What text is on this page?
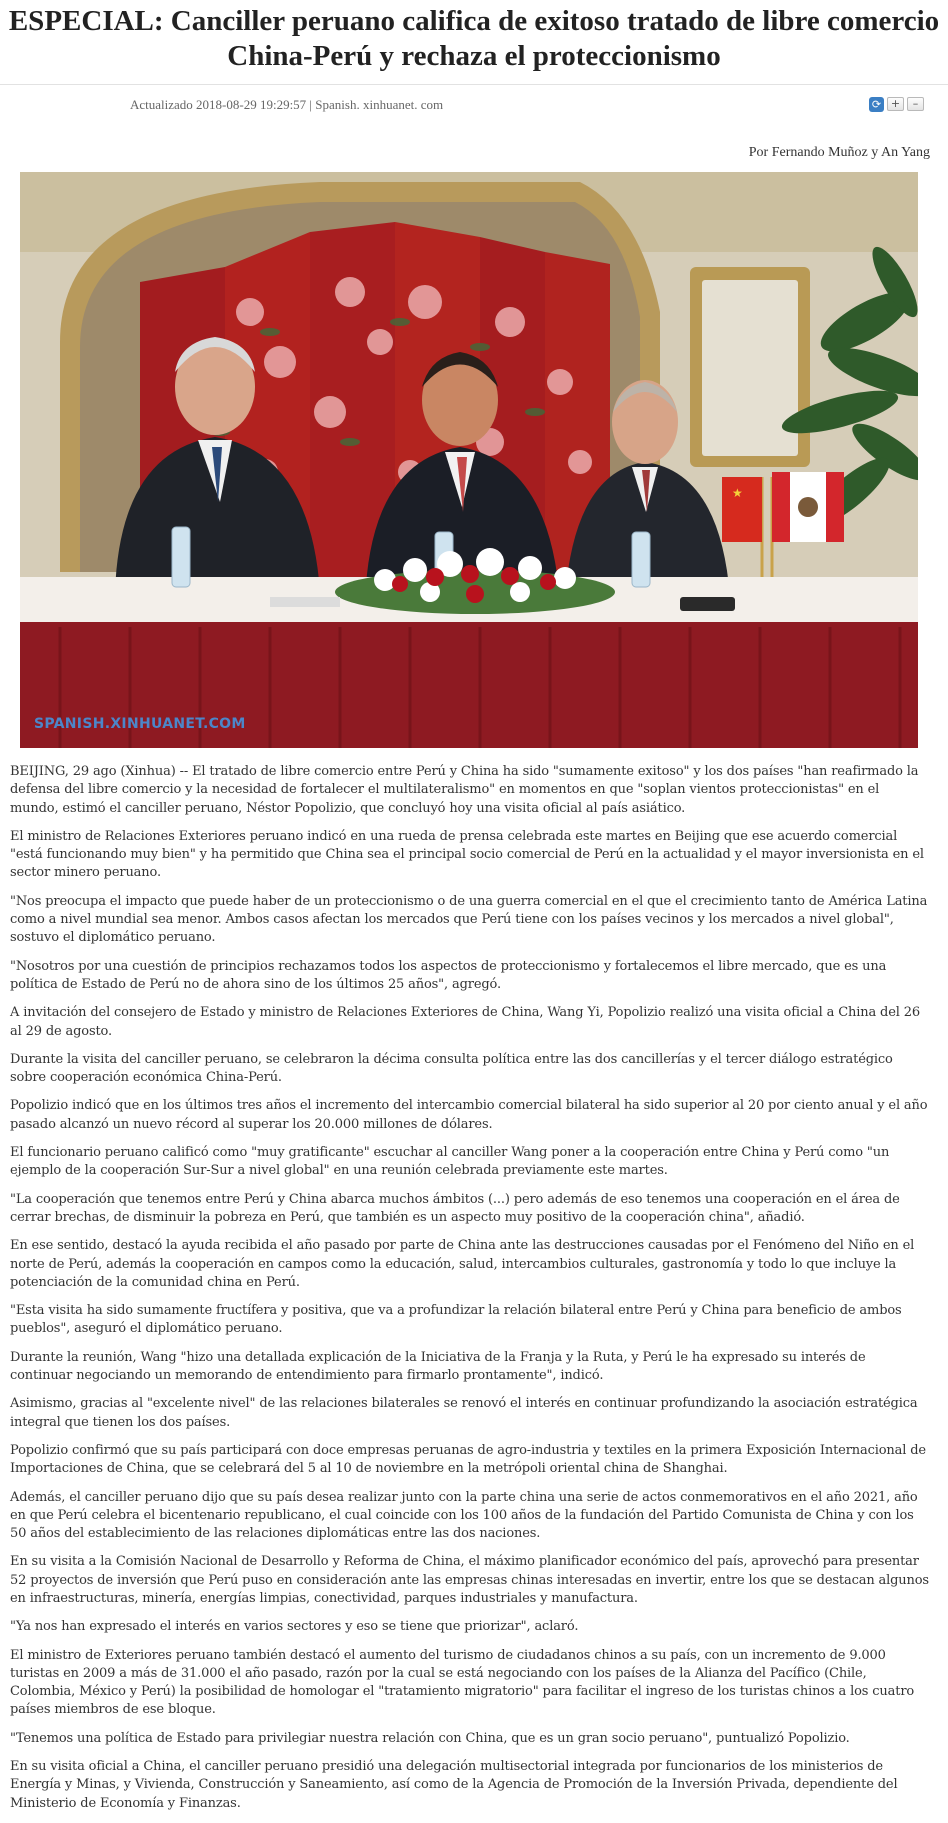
ESPECIAL: Canciller peruano califica de exitoso tratado de libre comercio China-Perú y rechaza el proteccionismo
Actualizado 2018-08-29 19:29:57 | Spanish. xinhuanet. com	⟳ +	–
Por Fernando Muñoz y An Yang
★
SPANISH.XINHUANET.COM

BEIJING, 29 ago (Xinhua) -- El tratado de libre comercio entre Perú y China ha sido "sumamente exitoso" y los dos países "han reafirmado la defensa del libre comercio y la necesidad de fortalecer el multilateralismo" en momentos en que "soplan vientos proteccionistas" en el mundo, estimó el canciller peruano, Néstor Popolizio, que concluyó hoy una visita oficial al país asiático.

El ministro de Relaciones Exteriores peruano indicó en una rueda de prensa celebrada este martes en Beijing que ese acuerdo comercial "está funcionando muy bien" y ha permitido que China sea el principal socio comercial de Perú en la actualidad y el mayor inversionista en el sector minero peruano.

"Nos preocupa el impacto que puede haber de un proteccionismo o de una guerra comercial en el que el crecimiento tanto de América Latina como a nivel mundial sea menor. Ambos casos afectan los mercados que Perú tiene con los países vecinos y los mercados a nivel global", sostuvo el diplomático peruano.

"Nosotros por una cuestión de principios rechazamos todos los aspectos de proteccionismo y fortalecemos el libre mercado, que es una política de Estado de Perú no de ahora sino de los últimos 25 años", agregó.

A invitación del consejero de Estado y ministro de Relaciones Exteriores de China, Wang Yi, Popolizio realizó una visita oficial a China del 26 al 29 de agosto.

Durante la visita del canciller peruano, se celebraron la décima consulta política entre las dos cancillerías y el tercer diálogo estratégico sobre cooperación económica China-Perú.

Popolizio indicó que en los últimos tres años el incremento del intercambio comercial bilateral ha sido superior al 20 por ciento anual y el año pasado alcanzó un nuevo récord al superar los 20.000 millones de dólares.

El funcionario peruano calificó como "muy gratificante" escuchar al canciller Wang poner a la cooperación entre China y Perú como "un ejemplo de la cooperación Sur-Sur a nivel global" en una reunión celebrada previamente este martes.

"La cooperación que tenemos entre Perú y China abarca muchos ámbitos (...) pero además de eso tenemos una cooperación en el área de cerrar brechas, de disminuir la pobreza en Perú, que también es un aspecto muy positivo de la cooperación china", añadió.

En ese sentido, destacó la ayuda recibida el año pasado por parte de China ante las destrucciones causadas por el Fenómeno del Niño en el norte de Perú, además la cooperación en campos como la educación, salud, intercambios culturales, gastronomía y todo lo que incluye la potenciación de la comunidad china en Perú.

"Esta visita ha sido sumamente fructífera y positiva, que va a profundizar la relación bilateral entre Perú y China para beneficio de ambos pueblos", aseguró el diplomático peruano.

Durante la reunión, Wang "hizo una detallada explicación de la Iniciativa de la Franja y la Ruta, y Perú le ha expresado su interés de continuar negociando un memorando de entendimiento para firmarlo prontamente", indicó.

Asimismo, gracias al "excelente nivel" de las relaciones bilaterales se renovó el interés en continuar profundizando la asociación estratégica integral que tienen los dos países.

Popolizio confirmó que su país participará con doce empresas peruanas de agro-industria y textiles en la primera Exposición Internacional de Importaciones de China, que se celebrará del 5 al 10 de noviembre en la metrópoli oriental china de Shanghai.

Además, el canciller peruano dijo que su país desea realizar junto con la parte china una serie de actos conmemorativos en el año 2021, año en que Perú celebra el bicentenario republicano, el cual coincide con los 100 años de la fundación del Partido Comunista de China y con los 50 años del establecimiento de las relaciones diplomáticas entre las dos naciones.

En su visita a la Comisión Nacional de Desarrollo y Reforma de China, el máximo planificador económico del país, aprovechó para presentar 52 proyectos de inversión que Perú puso en consideración ante las empresas chinas interesadas en invertir, entre los que se destacan algunos en infraestructuras, minería, energías limpias, conectividad, parques industriales y manufactura.

"Ya nos han expresado el interés en varios sectores y eso se tiene que priorizar", aclaró.

El ministro de Exteriores peruano también destacó el aumento del turismo de ciudadanos chinos a su país, con un incremento de 9.000 turistas en 2009 a más de 31.000 el año pasado, razón por la cual se está negociando con los países de la Alianza del Pacífico (Chile, Colombia, México y Perú) la posibilidad de homologar el "tratamiento migratorio" para facilitar el ingreso de los turistas chinos a los cuatro países miembros de ese bloque.

"Tenemos una política de Estado para privilegiar nuestra relación con China, que es un gran socio peruano", puntualizó Popolizio.

En su visita oficial a China, el canciller peruano presidió una delegación multisectorial integrada por funcionarios de los ministerios de Energía y Minas, y Vivienda, Construcción y Saneamiento, así como de la Agencia de Promoción de la Inversión Privada, dependiente del Ministerio de Economía y Finanzas.
